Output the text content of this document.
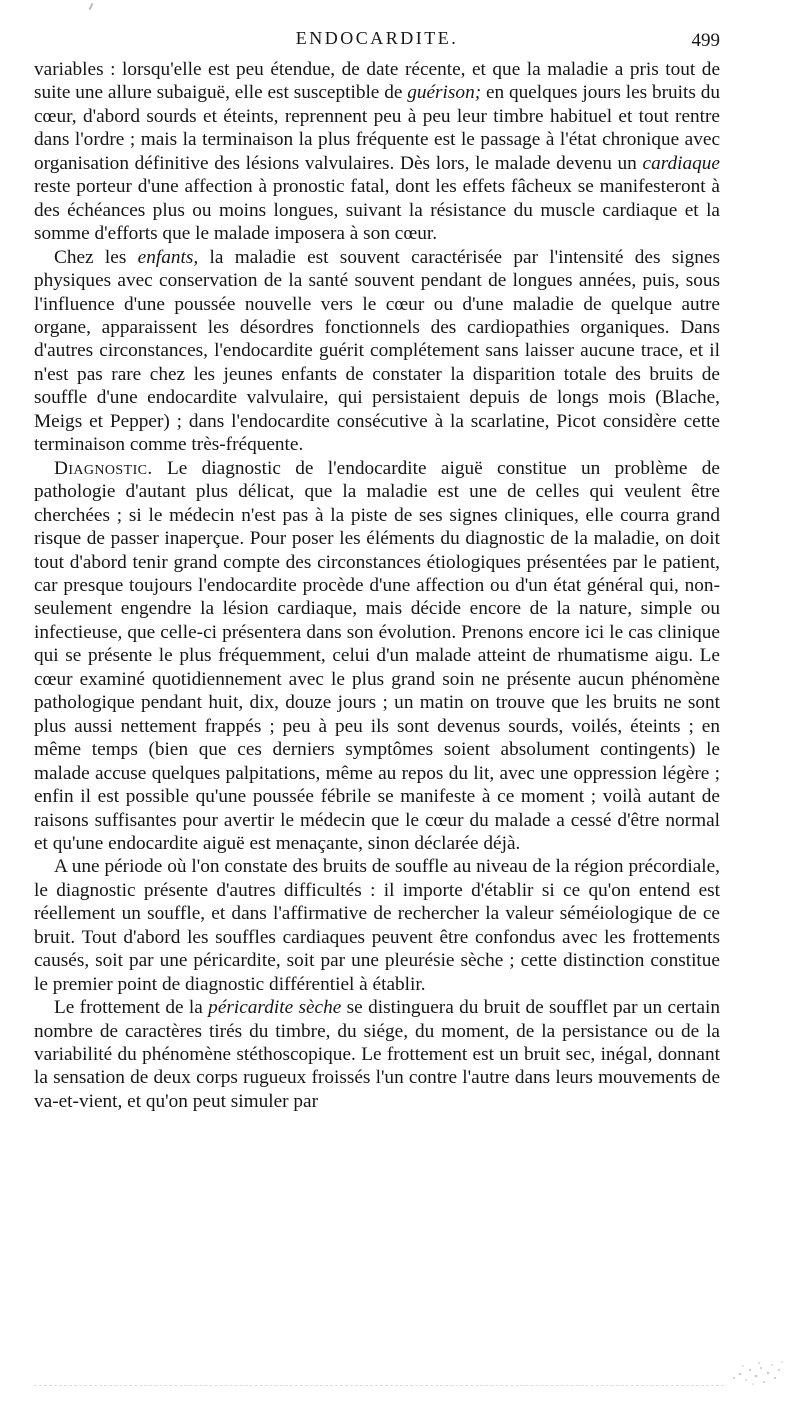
ENDOCARDITE.	499

variables : lorsqu'elle est peu étendue, de date récente, et que la maladie a pris tout de suite une allure subaiguë, elle est susceptible de guérison; en quelques jours les bruits du cœur, d'abord sourds et éteints, reprennent peu à peu leur timbre habituel et tout rentre dans l'ordre ; mais la terminaison la plus fréquente est le passage à l'état chronique avec organisation définitive des lésions valvulaires. Dès lors, le malade devenu un cardiaque reste porteur d'une affection à pronostic fatal, dont les effets fâcheux se manifesteront à des échéances plus ou moins longues, suivant la résistance du muscle cardiaque et la somme d'efforts que le malade imposera à son cœur.

Chez les enfants, la maladie est souvent caractérisée par l'intensité des signes physiques avec conservation de la santé souvent pendant de longues années, puis, sous l'influence d'une poussée nouvelle vers le cœur ou d'une maladie de quelque autre organe, apparaissent les désordres fonctionnels des cardiopathies organiques. Dans d'autres circonstances, l'endocardite guérit complétement sans laisser aucune trace, et il n'est pas rare chez les jeunes enfants de constater la disparition totale des bruits de souffle d'une endocardite valvulaire, qui persistaient depuis de longs mois (Blache, Meigs et Pepper) ; dans l'endocardite consécutive à la scarlatine, Picot considère cette terminaison comme très-fréquente.

Diagnostic. Le diagnostic de l'endocardite aiguë constitue un problème de pathologie d'autant plus délicat, que la maladie est une de celles qui veulent être cherchées ; si le médecin n'est pas à la piste de ses signes cliniques, elle courra grand risque de passer inaperçue. Pour poser les éléments du diagnostic de la maladie, on doit tout d'abord tenir grand compte des circonstances étiologiques présentées par le patient, car presque toujours l'endocardite procède d'une affection ou d'un état général qui, non-seulement engendre la lésion cardiaque, mais décide encore de la nature, simple ou infectieuse, que celle-ci présentera dans son évolution. Prenons encore ici le cas clinique qui se présente le plus fréquemment, celui d'un malade atteint de rhumatisme aigu. Le cœur examiné quotidiennement avec le plus grand soin ne présente aucun phénomène pathologique pendant huit, dix, douze jours ; un matin on trouve que les bruits ne sont plus aussi nettement frappés ; peu à peu ils sont devenus sourds, voilés, éteints ; en même temps (bien que ces derniers symptômes soient absolument contingents) le malade accuse quelques palpitations, même au repos du lit, avec une oppression légère ; enfin il est possible qu'une poussée fébrile se manifeste à ce moment ; voilà autant de raisons suffisantes pour avertir le médecin que le cœur du malade a cessé d'être normal et qu'une endocardite aiguë est menaçante, sinon déclarée déjà.

A une période où l'on constate des bruits de souffle au niveau de la région précordiale, le diagnostic présente d'autres difficultés : il importe d'établir si ce qu'on entend est réellement un souffle, et dans l'affirmative de rechercher la valeur séméiologique de ce bruit. Tout d'abord les souffles cardiaques peuvent être confondus avec les frottements causés, soit par une péricardite, soit par une pleurésie sèche ; cette distinction constitue le premier point de diagnostic différentiel à établir.

Le frottement de la péricardite sèche se distinguera du bruit de soufflet par un certain nombre de caractères tirés du timbre, du siége, du moment, de la persistance ou de la variabilité du phénomène stéthoscopique. Le frottement est un bruit sec, inégal, donnant la sensation de deux corps rugueux froissés l'un contre l'autre dans leurs mouvements de va-et-vient, et qu'on peut simuler par
